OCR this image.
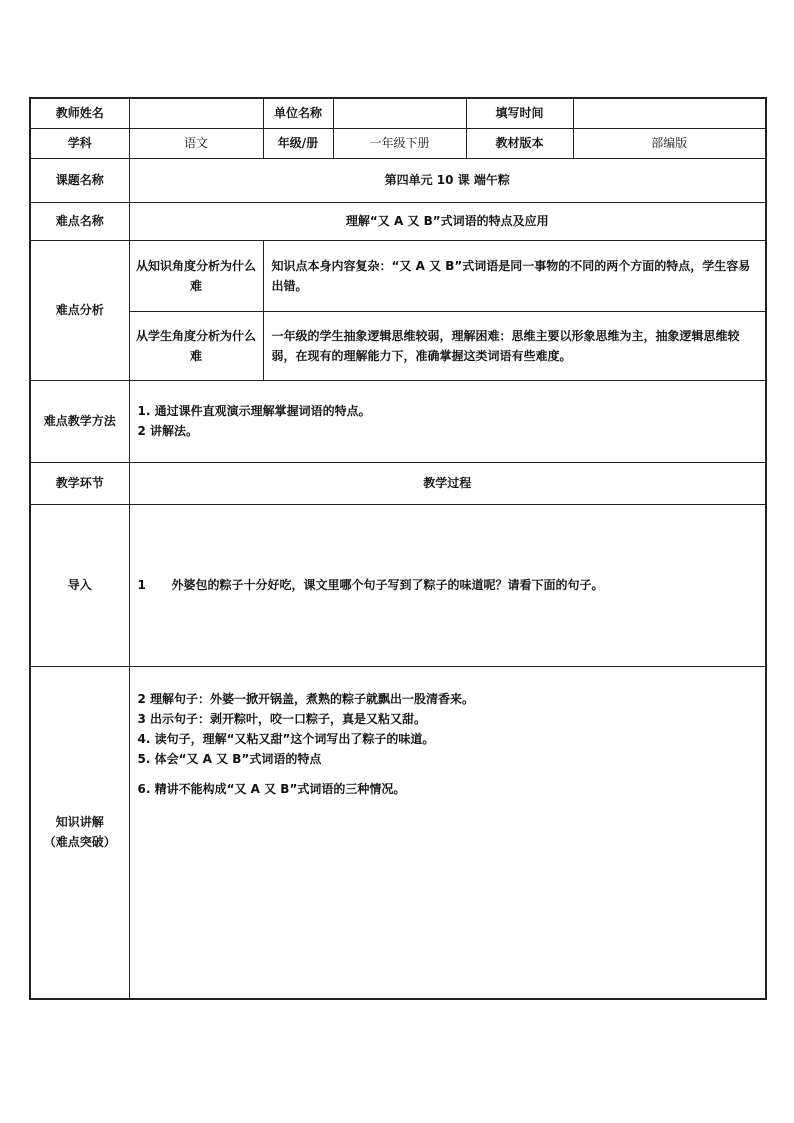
教师姓名		单位名称		填写时间	
学科	语文	年级/册	一年级下册	教材版本	部编版
课题名称	第四单元 10 课 端午粽				
难点名称	理解“又 A 又 B”式词语的特点及应用				
难点分析	从知识角度分析为什么难	知识点本身内容复杂：“又 A 又 B”式词语是同一事物的不同的两个方面的特点，学生容易出错。			
	从学生角度分析为什么难	一年级的学生抽象逻辑思维较弱，理解困难：思维主要以形象思维为主，抽象逻辑思维较弱，在现有的理解能力下，准确掌握这类词语有些难度。			
难点教学方法	1. 通过课件直观演示理解掌握词语的特点。
2 讲解法。				

教学环节	教学过程				
导入	1 外婆包的粽子十分好吃，课文里哪个句子写到了粽子的味道呢？请看下面的句子。				

知识讲解
（难点突破）	2 理解句子：外婆一掀开锅盖，煮熟的粽子就飘出一股清香来。
3 出示句子：剥开粽叶，咬一口粽子，真是又粘又甜。
4. 读句子，理解“又粘又甜”这个词写出了粽子的味道。
5. 体会“又 A 又 B”式词语的特点
6. 精讲不能构成“又 A 又 B”式词语的三种情况。				
